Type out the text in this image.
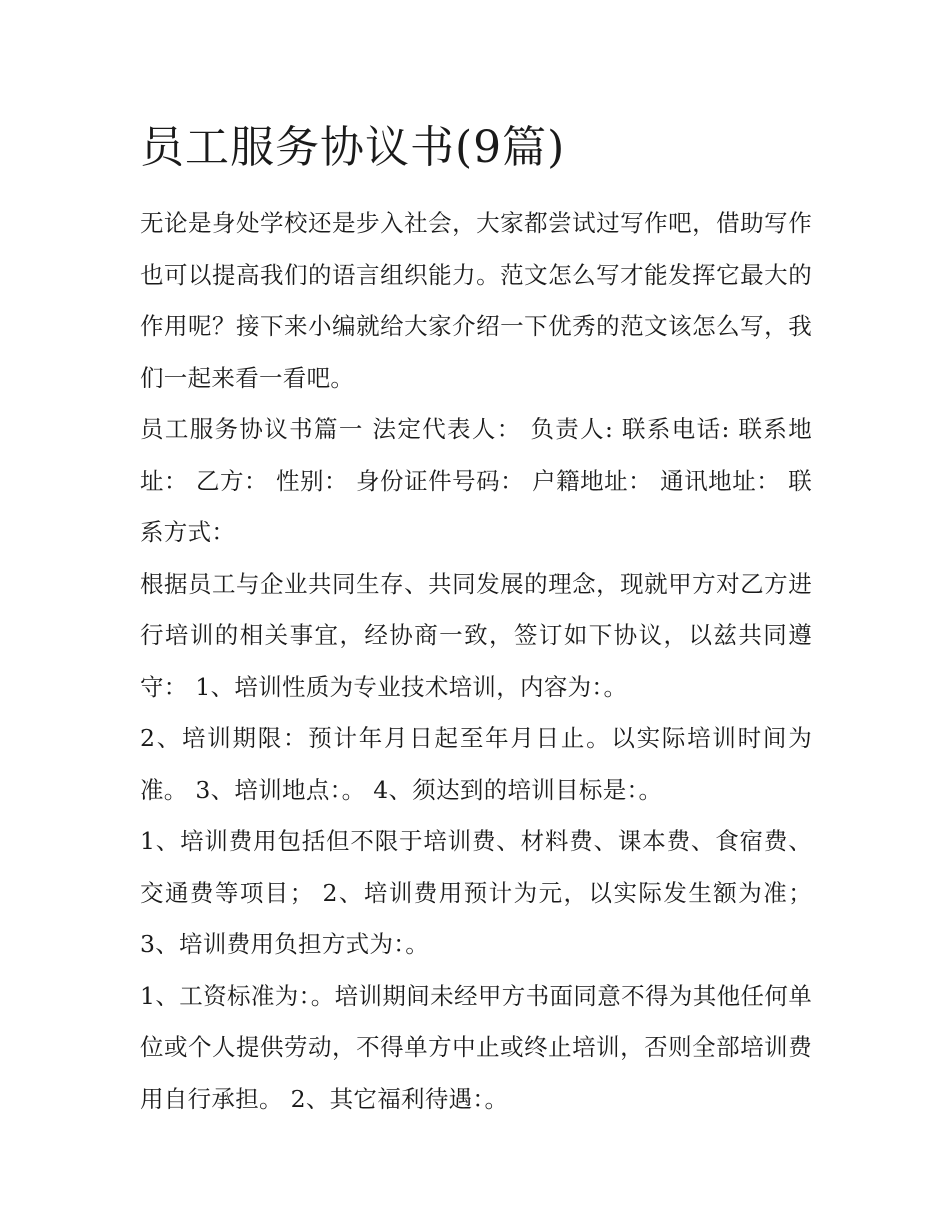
员工服务协议书(9篇)

无论是身处学校还是步入社会，大家都尝试过写作吧，借助写作也可以提高我们的语言组织能力。范文怎么写才能发挥它最大的作用呢？接下来小编就给大家介绍一下优秀的范文该怎么写，我们一起来看一看吧。

员工服务协议书篇一 法定代表人： 负责人: 联系电话: 联系地址： 乙方： 性别： 身份证件号码： 户籍地址： 通讯地址： 联系方式：

根据员工与企业共同生存、共同发展的理念，现就甲方对乙方进行培训的相关事宜，经协商一致，签订如下协议，以兹共同遵守： 1、培训性质为专业技术培训，内容为：。

2、培训期限：预计年月日起至年月日止。以实际培训时间为准。 3、培训地点：。 4、须达到的培训目标是：。

1、培训费用包括但不限于培训费、材料费、课本费、食宿费、交通费等项目； 2、培训费用预计为元，以实际发生额为准； 3、培训费用负担方式为：。

1、工资标准为：。培训期间未经甲方书面同意不得为其他任何单位或个人提供劳动，不得单方中止或终止培训，否则全部培训费用自行承担。 2、其它福利待遇：。
